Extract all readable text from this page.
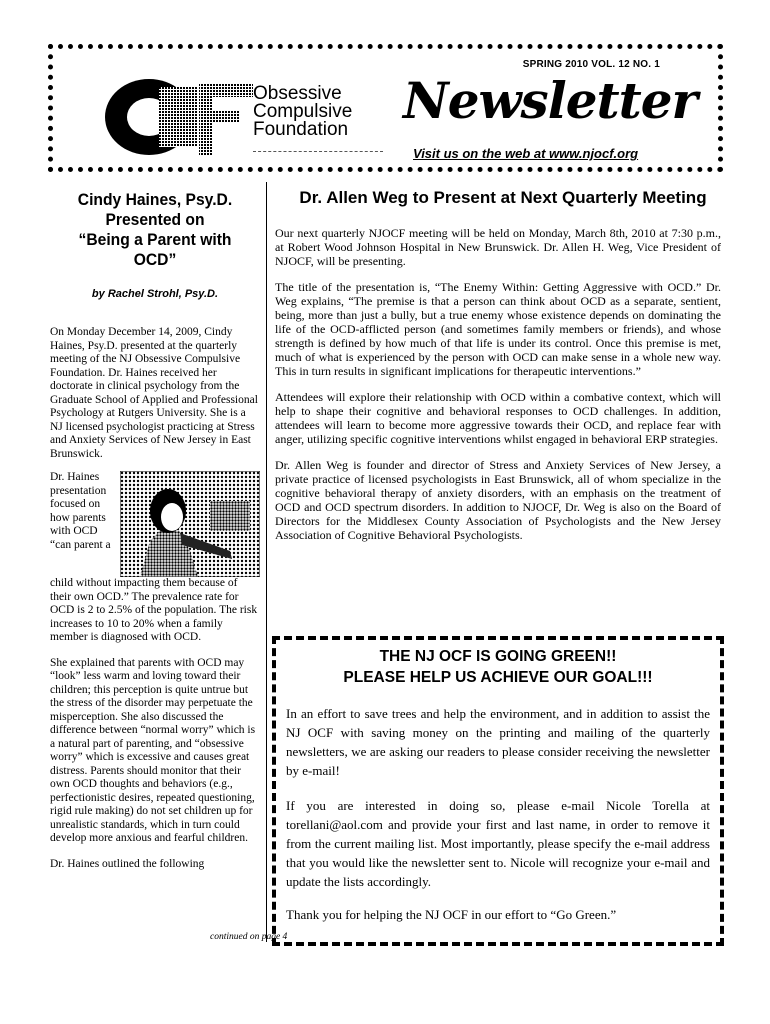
SPRING 2010 VOL. 12 NO. 1
Obsessive
Compulsive
Foundation Newsletter
Visit us on the web at www.njocf.org
Cindy Haines, Psy.D.
Presented on
“Being a Parent with
OCD”
by Rachel Strohl, Psy.D.

On Monday December 14, 2009, Cindy Haines, Psy.D. presented at the quarterly meeting of the NJ Obsessive Compulsive Foundation. Dr. Haines received her doctorate in clinical psychology from the Graduate School of Applied and Professional Psychology at Rutgers University. She is a NJ licensed psychologist practicing at Stress and Anxiety Services of New Jersey in East Brunswick.

Dr. Haines presentation focused on how parents with OCD “can parent a

child without impacting them because of their own OCD.” The prevalence rate for OCD is 2 to 2.5% of the population. The risk increases to 10 to 20% when a family member is diagnosed with OCD.

She explained that parents with OCD may “look” less warm and loving toward their children; this perception is quite untrue but the stress of the disorder may perpetuate the misperception. She also discussed the difference between “normal worry” which is a natural part of parenting, and “obsessive worry” which is excessive and causes great distress. Parents should monitor that their own OCD thoughts and behaviors (e.g., perfectionistic desires, repeated questioning, rigid rule making) do not set children up for unrealistic standards, which in turn could develop more anxious and fearful children.

Dr. Haines outlined the following

continued on page 4
Dr. Allen Weg to Present at Next Quarterly Meeting

Our next quarterly NJOCF meeting will be held on Monday, March 8th, 2010 at 7:30 p.m., at Robert Wood Johnson Hospital in New Brunswick. Dr. Allen H. Weg, Vice President of NJOCF, will be presenting.

The title of the presentation is, “The Enemy Within: Getting Aggressive with OCD.” Dr. Weg explains, “The premise is that a person can think about OCD as a separate, sentient, being, more than just a bully, but a true enemy whose existence depends on dominating the life of the OCD-afflicted person (and sometimes family members or friends), and whose strength is defined by how much of that life is under its control. Once this premise is met, much of what is experienced by the person with OCD can make sense in a whole new way. This in turn results in significant implications for therapeutic interventions.”

Attendees will explore their relationship with OCD within a combative context, which will help to shape their cognitive and behavioral responses to OCD challenges. In addition, attendees will learn to become more aggressive towards their OCD, and replace fear with anger, utilizing specific cognitive interventions whilst engaged in behavioral ERP strategies.

Dr. Allen Weg is founder and director of Stress and Anxiety Services of New Jersey, a private practice of licensed psychologists in East Brunswick, all of whom specialize in the cognitive behavioral therapy of anxiety disorders, with an emphasis on the treatment of OCD and OCD spectrum disorders. In addition to NJOCF, Dr. Weg is also on the Board of Directors for the Middlesex County Association of Psychologists and the New Jersey Association of Cognitive Behavioral Psychologists.

THE NJ OCF IS GOING GREEN!!
PLEASE HELP US ACHIEVE OUR GOAL!!!

In an effort to save trees and help the environment, and in addition to assist the NJ OCF with saving money on the printing and mailing of the quarterly newsletters, we are asking our readers to please consider receiving the newsletter by e-mail!

If you are interested in doing so, please e-mail Nicole Torella at torellani@aol.com and provide your first and last name, in order to remove it from the current mailing list. Most importantly, please specify the e-mail address that you would like the newsletter sent to. Nicole will recognize your e-mail and update the lists accordingly.

Thank you for helping the NJ OCF in our effort to “Go Green.”
